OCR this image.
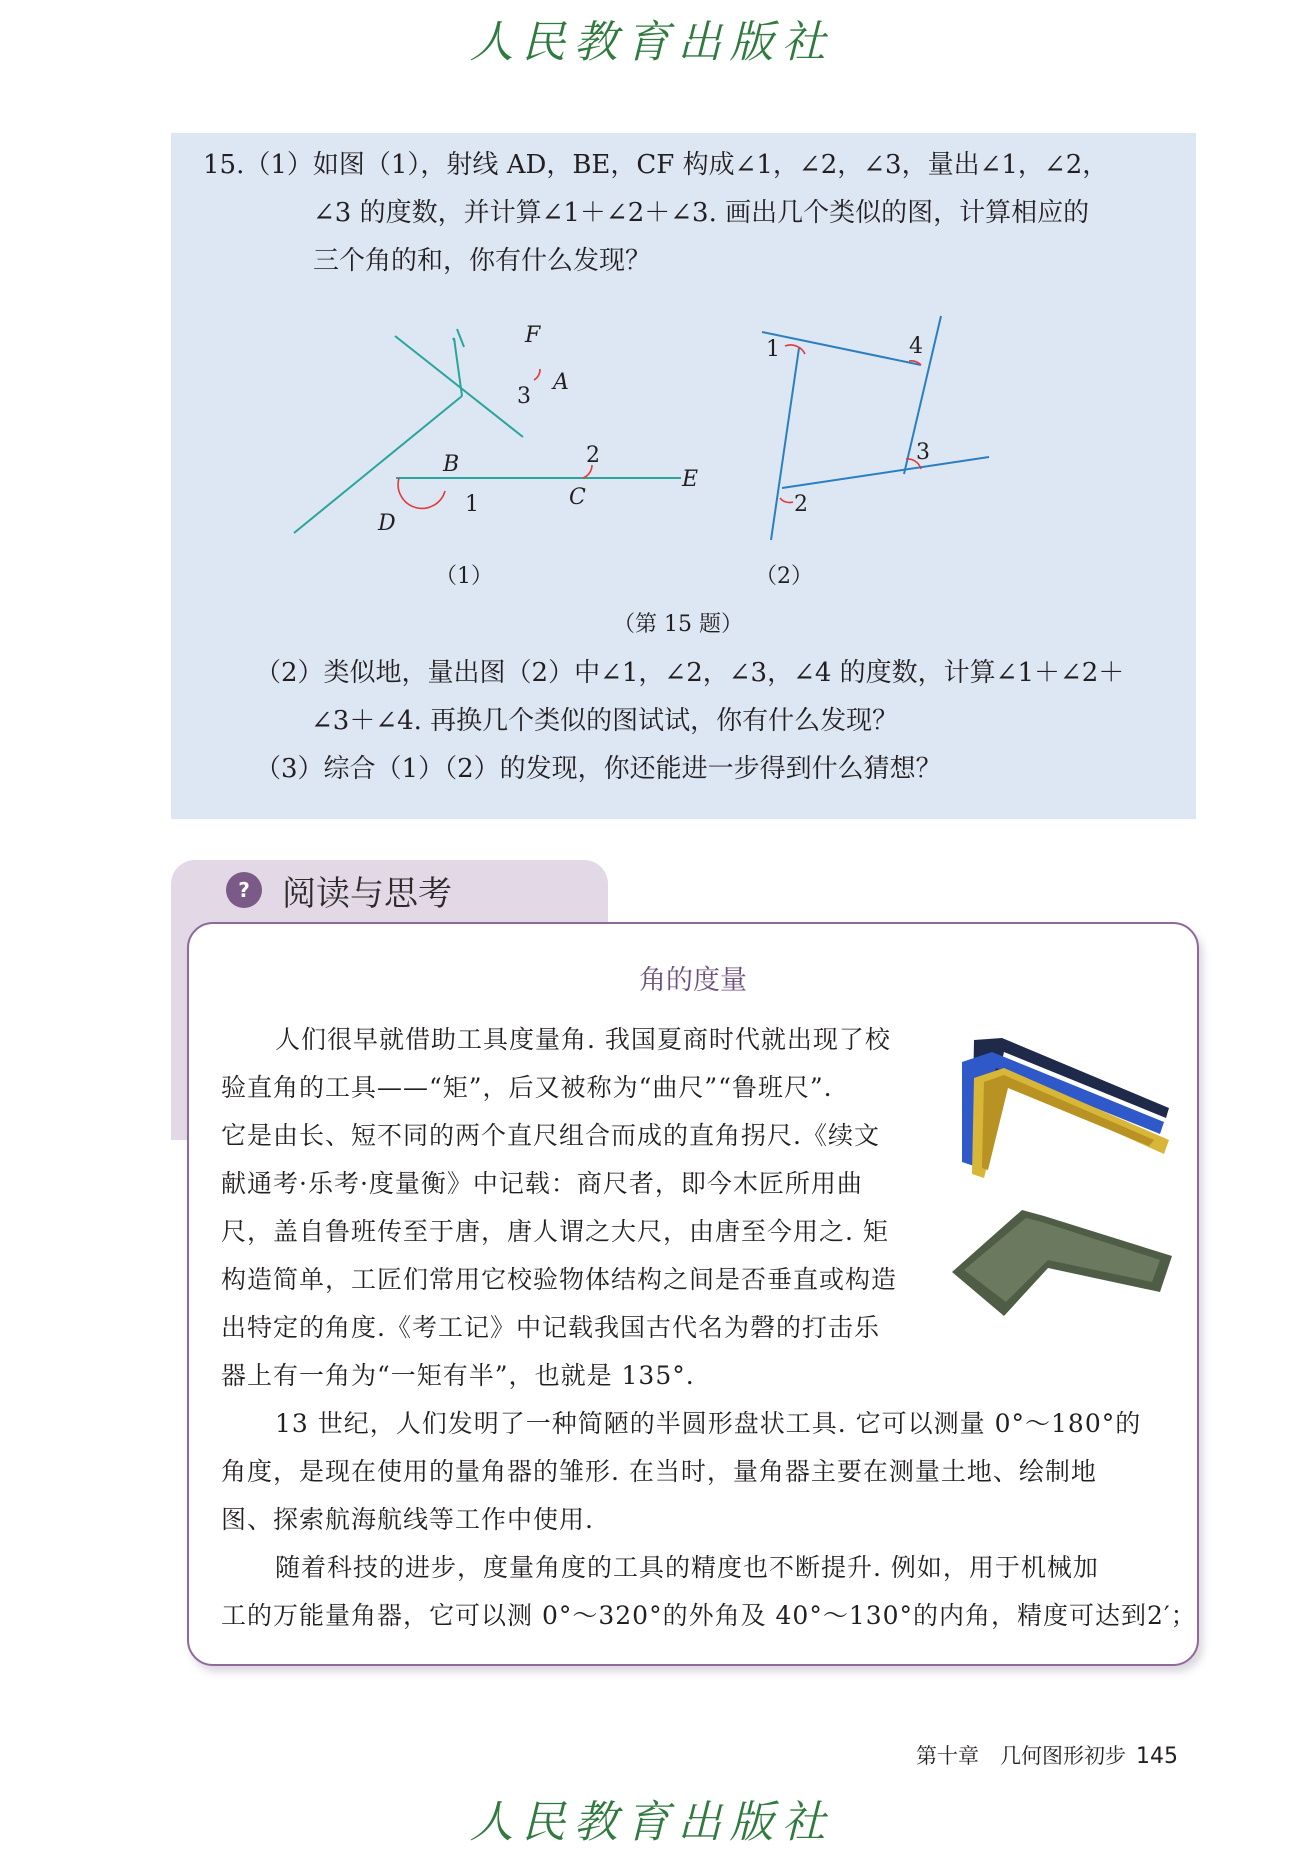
人民教育出版社
15.（1）如图（1），射线 AD，BE，CF 构成∠1，∠2，∠3，量出∠1，∠2，
∠3 的度数，并计算∠1＋∠2＋∠3. 画出几个类似的图，计算相应的
三个角的和，你有什么发现？
F
A
B
C
D
E
1
2
3
1
2
3
4
（1）	（2）
（第 15 题）
（2）类似地，量出图（2）中∠1，∠2，∠3，∠4 的度数，计算∠1＋∠2＋
∠3＋∠4. 再换几个类似的图试试，你有什么发现？
（3）综合（1）（2）的发现，你还能进一步得到什么猜想？
? 阅读与思考
角的度量
人们很早就借助工具度量角. 我国夏商时代就出现了校
验直角的工具——“矩”，后又被称为“曲尺”“鲁班尺”.
它是由长、短不同的两个直尺组合而成的直角拐尺.《续文
献通考·乐考·度量衡》中记载：商尺者，即今木匠所用曲
尺，盖自鲁班传至于唐，唐人谓之大尺，由唐至今用之. 矩
构造简单，工匠们常用它校验物体结构之间是否垂直或构造
出特定的角度.《考工记》中记载我国古代名为磬的打击乐
器上有一角为“一矩有半”，也就是 135°.
13 世纪，人们发明了一种简陋的半圆形盘状工具. 它可以测量 0°～180°的
角度，是现在使用的量角器的雏形. 在当时，量角器主要在测量土地、绘制地
图、探索航海航线等工作中使用.
随着科技的进步，度量角度的工具的精度也不断提升. 例如，用于机械加
工的万能量角器，它可以测 0°～320°的外角及 40°～130°的内角，精度可达到2′；
第十章　几何图形初步 145
人民教育出版社
